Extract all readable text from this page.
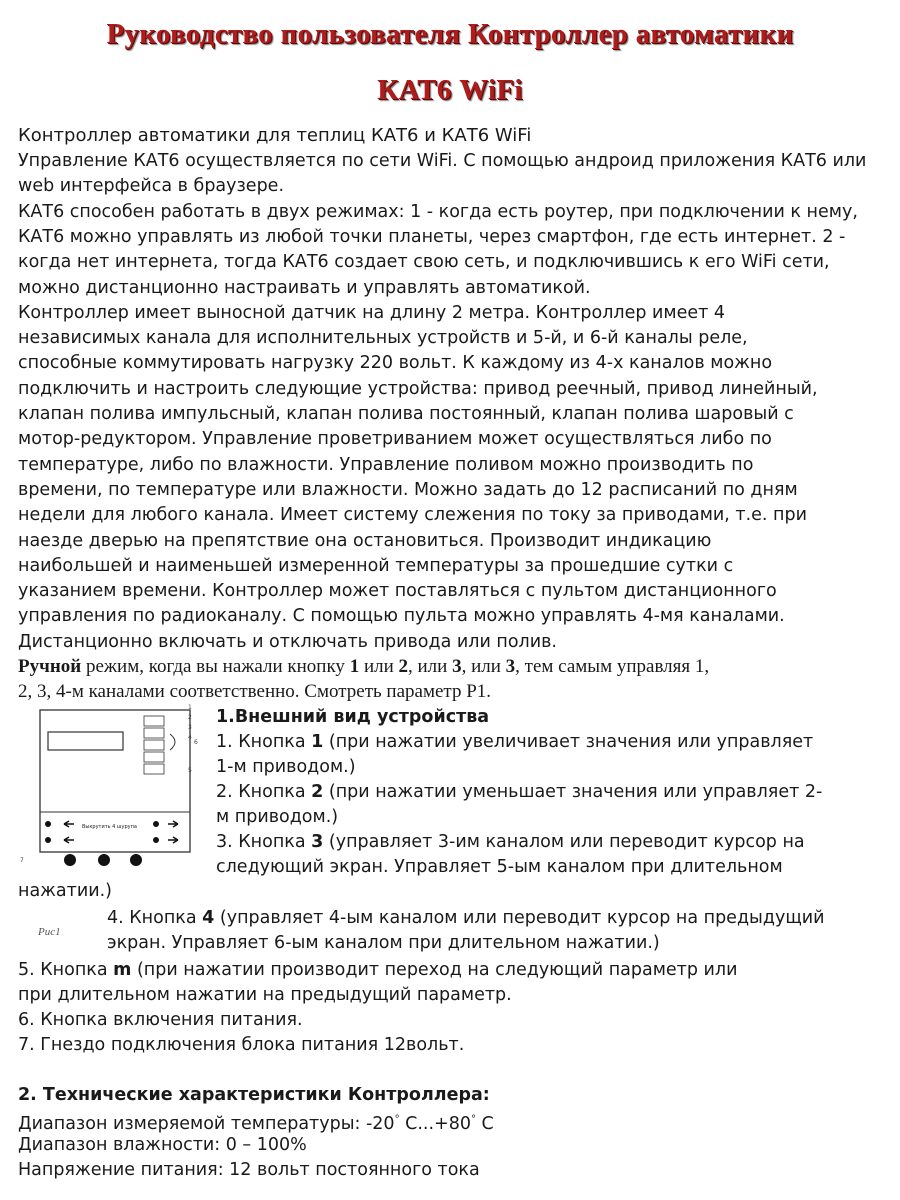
Руководство пользователя Контроллер автоматики
КАТ6 WiFi
Контроллер автоматики для теплиц КАТ6 и КАТ6 WiFi
Управление КАТ6 осуществляется по сети WiFi. С помощью андроид приложения КАТ6 или
web интерфейса в браузере.
КАТ6 способен работать в двух режимах: 1 - когда есть роутер, при подключении к нему,
КАТ6 можно управлять из любой точки планеты, через смартфон, где есть интернет. 2 -
когда нет интернета, тогда КАТ6 создает свою сеть, и подключившись к его WiFi сети,
можно дистанционно настраивать и управлять автоматикой.
Контроллер имеет выносной датчик на длину 2 метра. Контроллер имеет 4
независимых канала для исполнительных устройств и 5-й, и 6-й каналы реле,
способные коммутировать нагрузку 220 вольт. К каждому из 4-х каналов можно
подключить и настроить следующие устройства: привод реечный, привод линейный,
клапан полива импульсный, клапан полива постоянный, клапан полива шаровый с
мотор-редуктором. Управление проветриванием может осуществляться либо по
температуре, либо по влажности. Управление поливом можно производить по
времени, по температуре или влажности. Можно задать до 12 расписаний по дням
недели для любого канала. Имеет систему слежения по току за приводами, т.е. при
наезде дверью на препятствие она остановиться. Производит индикацию
наибольшей и наименьшей измеренной температуры за прошедшие сутки с
указанием времени. Контроллер может поставляться с пультом дистанционного
управления по радиоканалу. С помощью пульта можно управлять 4-мя каналами.
Дистанционно включать и отключать привода или полив.
Ручной режим, когда вы нажали кнопку 1 или 2, или 3, или 3, тем самым управляя 1,
2, 3, 4-м каналами соответственно. Смотреть параметр P1.
Выкрутить 4 шурупа
1
2
3
4
5
6
7
Рис1
1.Внешний вид устройства
1. Кнопка 1 (при нажатии увеличивает значения или управляет
1-м приводом.)
2. Кнопка 2 (при нажатии уменьшает значения или управляет 2-
м приводом.)
3. Кнопка 3 (управляет 3-им каналом или переводит курсор на
следующий экран. Управляет 5-ым каналом при длительном
нажатии.)
4. Кнопка 4 (управляет 4-ым каналом или переводит курсор на предыдущий
экран. Управляет 6-ым каналом при длительном нажатии.)
5. Кнопка m (при нажатии производит переход на следующий параметр или
при длительном нажатии на предыдущий параметр.
6. Кнопка включения питания.
7. Гнездо подключения блока питания 12вольт.
2. Технические характеристики Контроллера:
Диапазон измеряемой температуры: -20° С...+80° С
Диапазон влажности: 0 – 100%
Напряжение питания: 12 вольт постоянного тока
